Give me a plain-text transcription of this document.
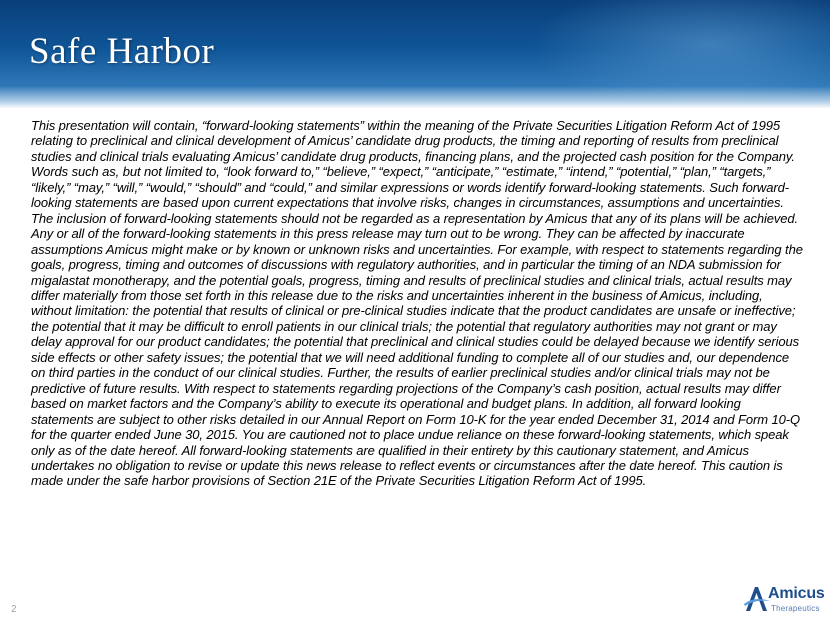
Safe Harbor

This presentation will contain, “forward-looking statements” within the meaning of the Private Securities Litigation Reform Act of 1995 relating to preclinical and clinical development of Amicus’ candidate drug products, the timing and reporting of results from preclinical studies and clinical trials evaluating Amicus’ candidate drug products, financing plans, and the projected cash position for the Company. Words such as, but not limited to, “look forward to,” “believe,” “expect,” “anticipate,” “estimate,” “intend,” “potential,” “plan,” “targets,” “likely,” “may,” “will,” “would,” “should” and “could,” and similar expressions or words identify forward-looking statements. Such forward-looking statements are based upon current expectations that involve risks, changes in circumstances, assumptions and uncertainties. The inclusion of forward-looking statements should not be regarded as a representation by Amicus that any of its plans will be achieved. Any or all of the forward-looking statements in this press release may turn out to be wrong. They can be affected by inaccurate assumptions Amicus might make or by known or unknown risks and uncertainties. For example, with respect to statements regarding the goals, progress, timing and outcomes of discussions with regulatory authorities, and in particular the timing of an NDA submission for migalastat monotherapy, and the potential goals, progress, timing and results of preclinical studies and clinical trials, actual results may differ materially from those set forth in this release due to the risks and uncertainties inherent in the business of Amicus, including, without limitation: the potential that results of clinical or pre-clinical studies indicate that the product candidates are unsafe or ineffective; the potential that it may be difficult to enroll patients in our clinical trials; the potential that regulatory authorities may not grant or may delay approval for our product candidates; the potential that preclinical and clinical studies could be delayed because we identify serious side effects or other safety issues; the potential that we will need additional funding to complete all of our studies and, our dependence on third parties in the conduct of our clinical studies. Further, the results of earlier preclinical studies and/or clinical trials may not be predictive of future results. With respect to statements regarding projections of the Company’s cash position, actual results may differ based on market factors and the Company’s ability to execute its operational and budget plans. In addition, all forward looking statements are subject to other risks detailed in our Annual Report on Form 10-K for the year ended December 31, 2014 and Form 10-Q for the quarter ended June 30, 2015. You are cautioned not to place undue reliance on these forward-looking statements, which speak only as of the date hereof. All forward-looking statements are qualified in their entirety by this cautionary statement, and Amicus undertakes no obligation to revise or update this news release to reflect events or circumstances after the date hereof. This caution is made under the safe harbor provisions of Section 21E of the Private Securities Litigation Reform Act of 1995.

2
Amicus
Therapeutics
